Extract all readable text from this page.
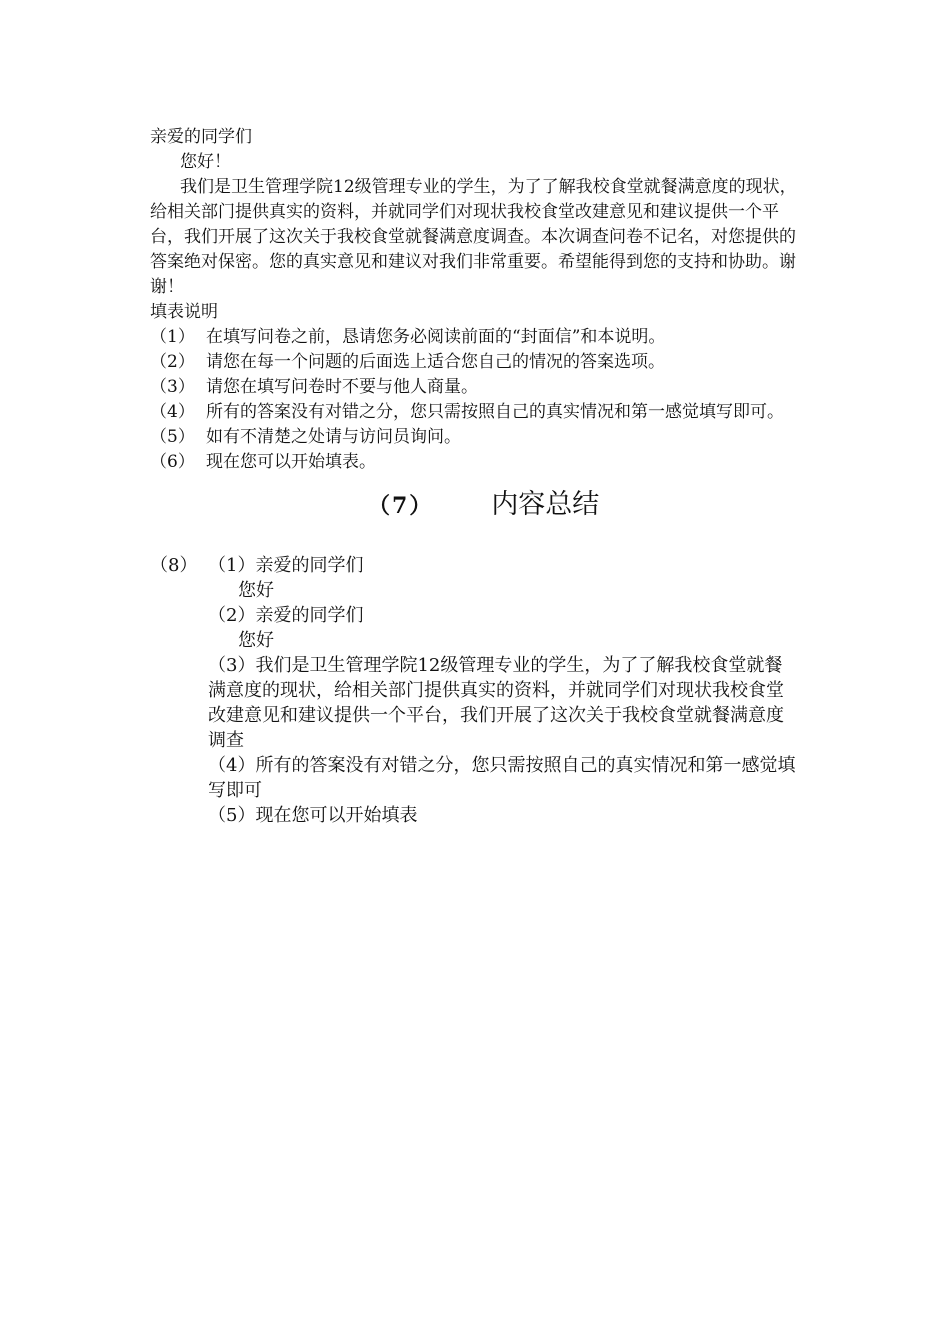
亲爱的同学们

您好！

我们是卫生管理学院12级管理专业的学生，为了了解我校食堂就餐满意度的现状，给相关部门提供真实的资料，并就同学们对现状我校食堂改建意见和建议提供一个平台，我们开展了这次关于我校食堂就餐满意度调查。本次调查问卷不记名，对您提供的答案绝对保密。您的真实意见和建议对我们非常重要。希望能得到您的支持和协助。谢谢！

填表说明

（1） 在填写问卷之前，恳请您务必阅读前面的“封面信”和本说明。
（2） 请您在每一个问题的后面选上适合您自己的情况的答案选项。
（3） 请您在填写问卷时不要与他人商量。
（4） 所有的答案没有对错之分，您只需按照自己的真实情况和第一感觉填写即可。
（5） 如有不清楚之处请与访问员询问。
（6） 现在您可以开始填表。
（7） 内容总结
（8） （1）亲爱的同学们

您好

（2）亲爱的同学们

您好

（3）我们是卫生管理学院12级管理专业的学生，为了了解我校食堂就餐满意度的现状，给相关部门提供真实的资料，并就同学们对现状我校食堂改建意见和建议提供一个平台，我们开展了这次关于我校食堂就餐满意度调查

（4）所有的答案没有对错之分，您只需按照自己的真实情况和第一感觉填写即可

（5）现在您可以开始填表
